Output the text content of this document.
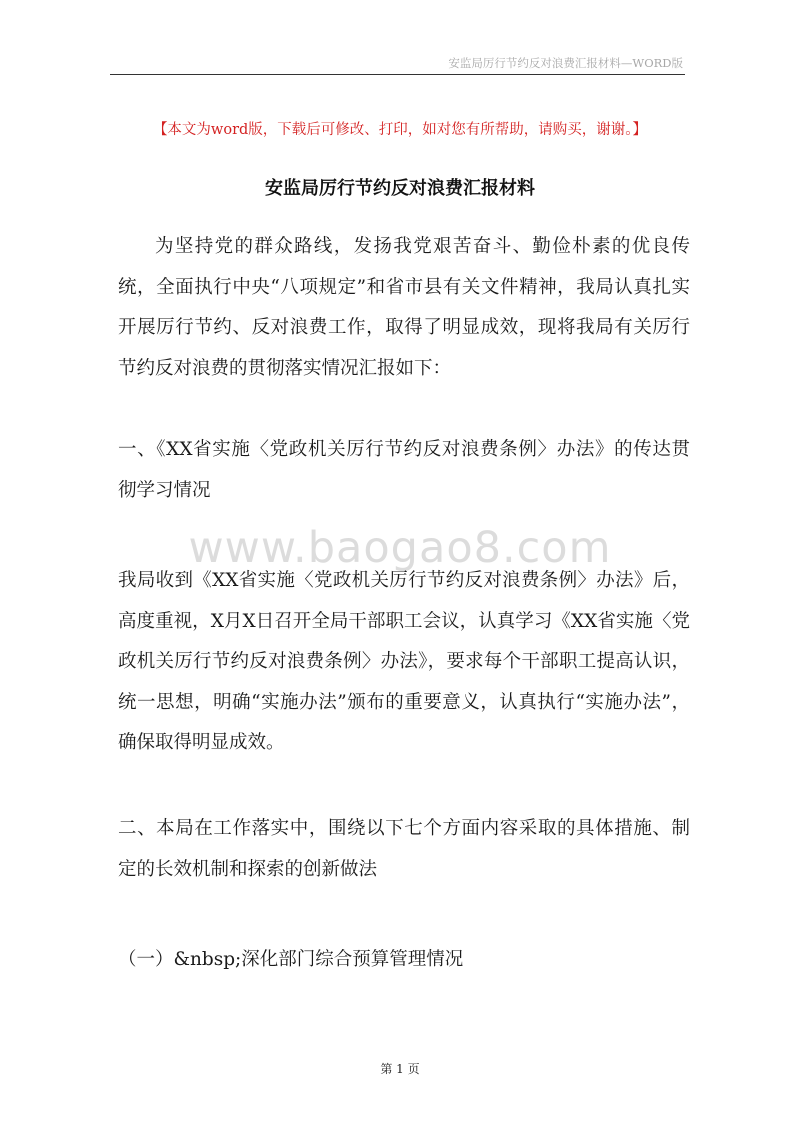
安监局厉行节约反对浪费汇报材料—WORD版
【本文为word版，下载后可修改、打印，如对您有所帮助，请购买，谢谢。】
安监局厉行节约反对浪费汇报材料

为坚持党的群众路线，发扬我党艰苦奋斗、勤俭朴素的优良传统，全面执行中央“八项规定”和省市县有关文件精神，我局认真扎实开展厉行节约、反对浪费工作，取得了明显成效，现将我局有关厉行节约反对浪费的贯彻落实情况汇报如下：

一、《XX省实施〈党政机关厉行节约反对浪费条例〉办法》的传达贯彻学习情况

www.baogao8.com

我局收到《XX省实施〈党政机关厉行节约反对浪费条例〉办法》后，高度重视，X月X日召开全局干部职工会议，认真学习《XX省实施〈党政机关厉行节约反对浪费条例〉办法》，要求每个干部职工提高认识，统一思想，明确“实施办法”颁布的重要意义，认真执行“实施办法”，确保取得明显成效。

二、本局在工作落实中，围绕以下七个方面内容采取的具体措施、制定的长效机制和探索的创新做法

（一）&nbsp;深化部门综合预算管理情况

第 1 页
